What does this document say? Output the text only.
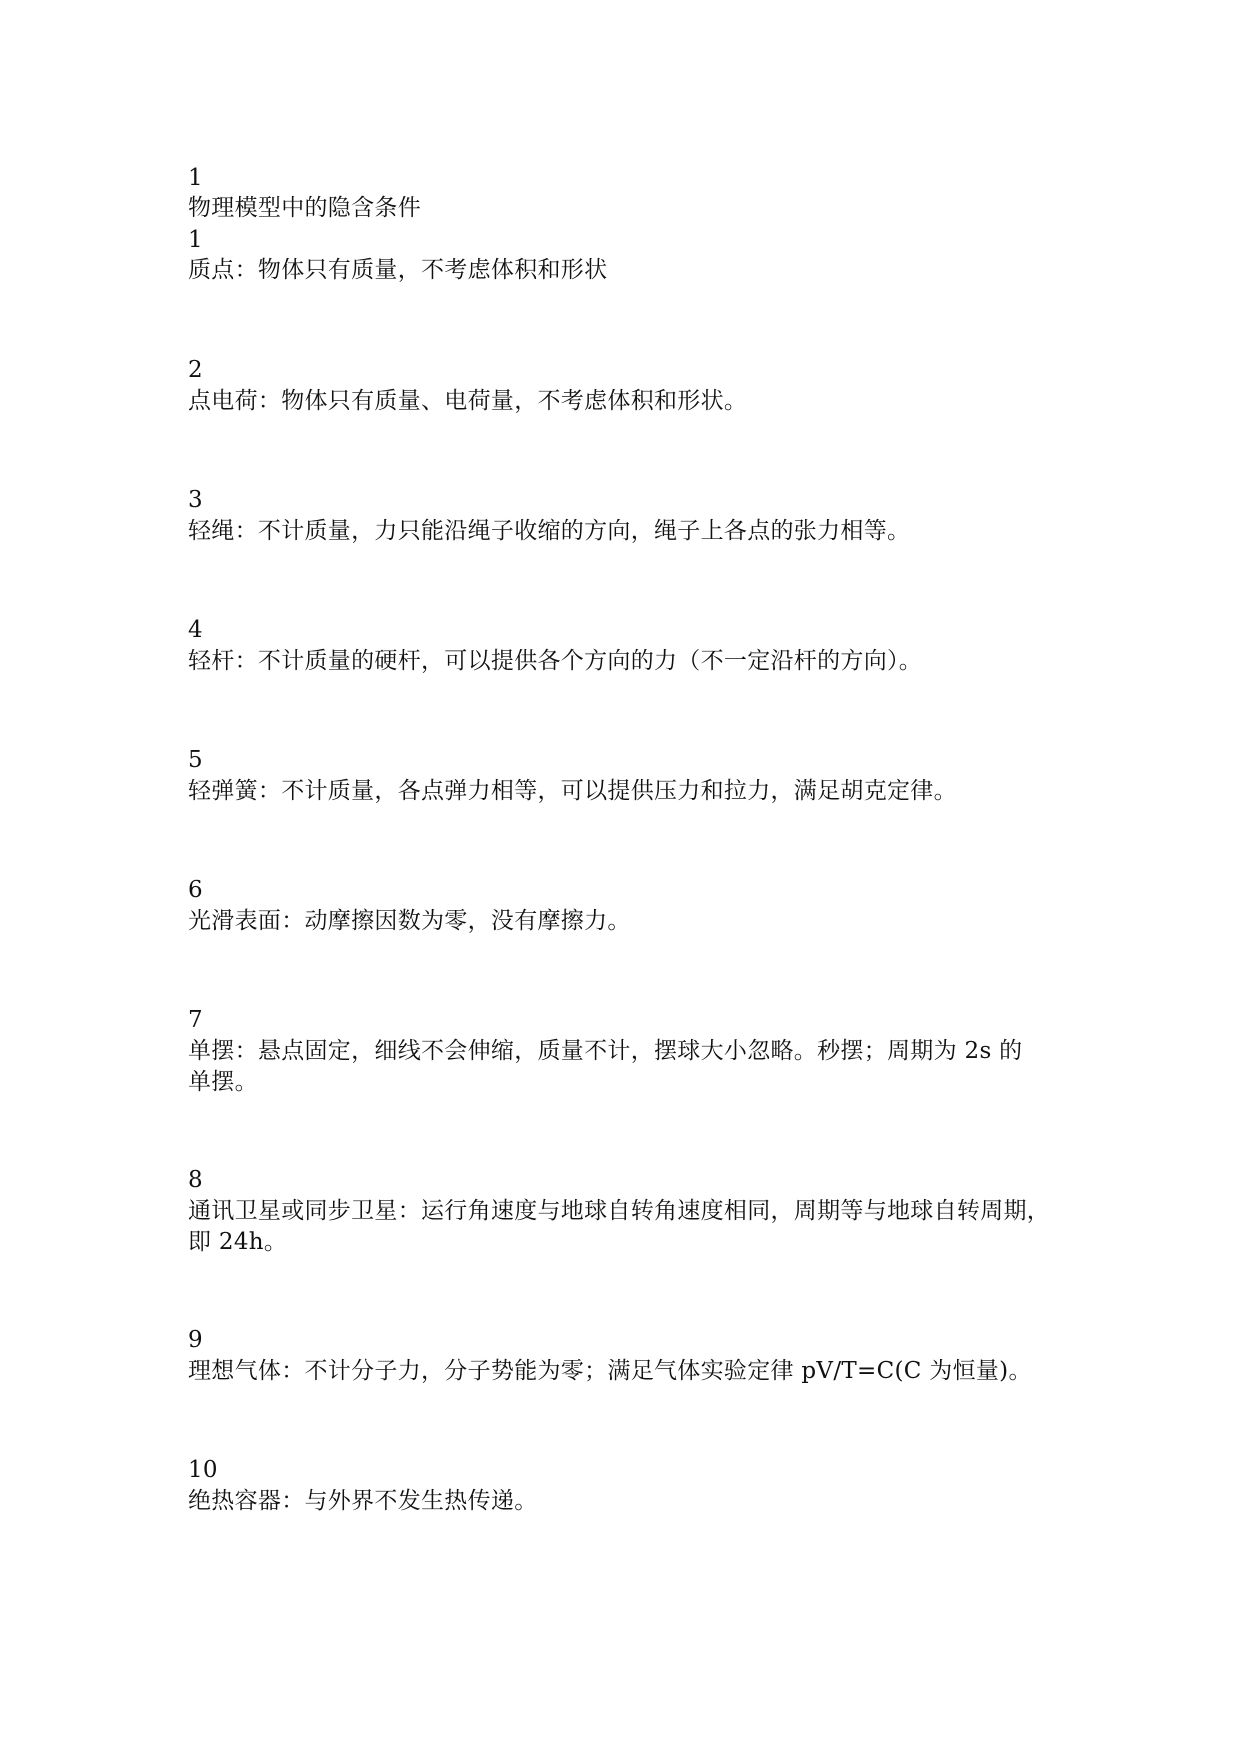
1
物理模型中的隐含条件
1
质点：物体只有质量，不考虑体积和形状
2
点电荷：物体只有质量、电荷量，不考虑体积和形状。
3
轻绳：不计质量，力只能沿绳子收缩的方向，绳子上各点的张力相等。
4
轻杆：不计质量的硬杆，可以提供各个方向的力（不一定沿杆的方向）。
5
轻弹簧：不计质量，各点弹力相等，可以提供压力和拉力，满足胡克定律。
6
光滑表面：动摩擦因数为零，没有摩擦力。
7
单摆：悬点固定，细线不会伸缩，质量不计，摆球大小忽略。秒摆；周期为 2s 的
单摆。
8
通讯卫星或同步卫星：运行角速度与地球自转角速度相同，周期等与地球自转周期，
即 24h。
9
理想气体：不计分子力，分子势能为零；满足气体实验定律 pV/T=C(C 为恒量)。
10
绝热容器：与外界不发生热传递。
